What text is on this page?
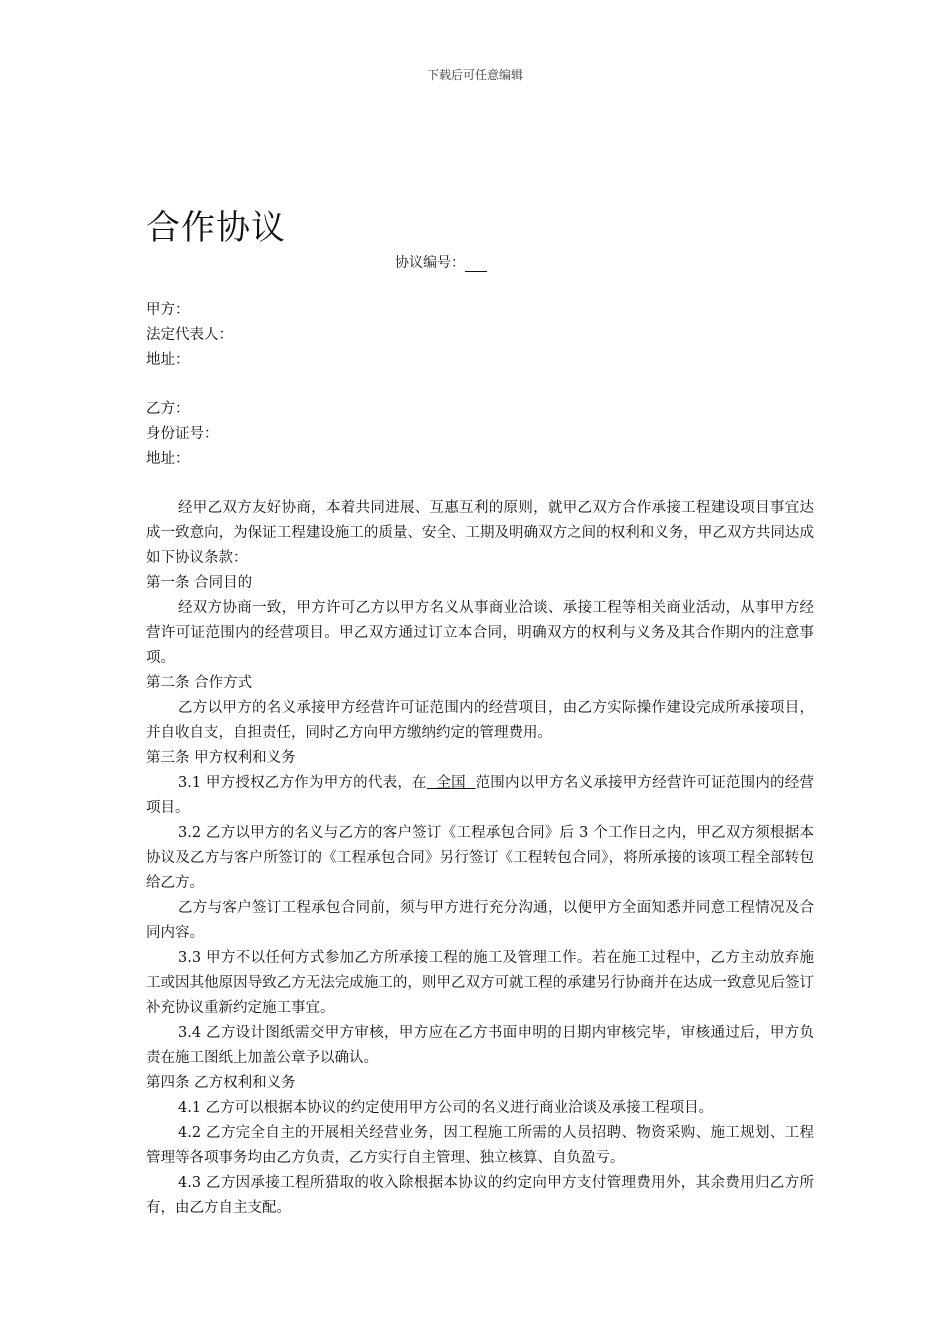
下载后可任意编辑
合作协议
协议编号：
甲方：
法定代表人：
地址：
乙方：
身份证号：
地址：

经甲乙双方友好协商，本着共同进展、互惠互利的原则，就甲乙双方合作承接工程建设项目事宜达成一致意向，为保证工程建设施工的质量、安全、工期及明确双方之间的权利和义务，甲乙双方共同达成如下协议条款：

第一条 合同目的

经双方协商一致，甲方许可乙方以甲方名义从事商业洽谈、承接工程等相关商业活动，从事甲方经营许可证范围内的经营项目。甲乙双方通过订立本合同，明确双方的权利与义务及其合作期内的注意事项。

第二条 合作方式

乙方以甲方的名义承接甲方经营许可证范围内的经营项目，由乙方实际操作建设完成所承接项目，并自收自支，自担责任，同时乙方向甲方缴纳约定的管理费用。

第三条 甲方权利和义务

3.1 甲方授权乙方作为甲方的代表，在  全国  范围内以甲方名义承接甲方经营许可证范围内的经营项目。

3.2 乙方以甲方的名义与乙方的客户签订《工程承包合同》后 3 个工作日之内，甲乙双方须根据本协议及乙方与客户所签订的《工程承包合同》另行签订《工程转包合同》，将所承接的该项工程全部转包给乙方。

乙方与客户签订工程承包合同前，须与甲方进行充分沟通，以便甲方全面知悉并同意工程情况及合同内容。

3.3 甲方不以任何方式参加乙方所承接工程的施工及管理工作。若在施工过程中，乙方主动放弃施工或因其他原因导致乙方无法完成施工的，则甲乙双方可就工程的承建另行协商并在达成一致意见后签订补充协议重新约定施工事宜。

3.4 乙方设计图纸需交甲方审核，甲方应在乙方书面申明的日期内审核完毕，审核通过后，甲方负责在施工图纸上加盖公章予以确认。

第四条 乙方权利和义务

4.1 乙方可以根据本协议的约定使用甲方公司的名义进行商业洽谈及承接工程项目。

4.2 乙方完全自主的开展相关经营业务，因工程施工所需的人员招聘、物资采购、施工规划、工程管理等各项事务均由乙方负责，乙方实行自主管理、独立核算、自负盈亏。

4.3 乙方因承接工程所猎取的收入除根据本协议的约定向甲方支付管理费用外，其余费用归乙方所有，由乙方自主支配。
